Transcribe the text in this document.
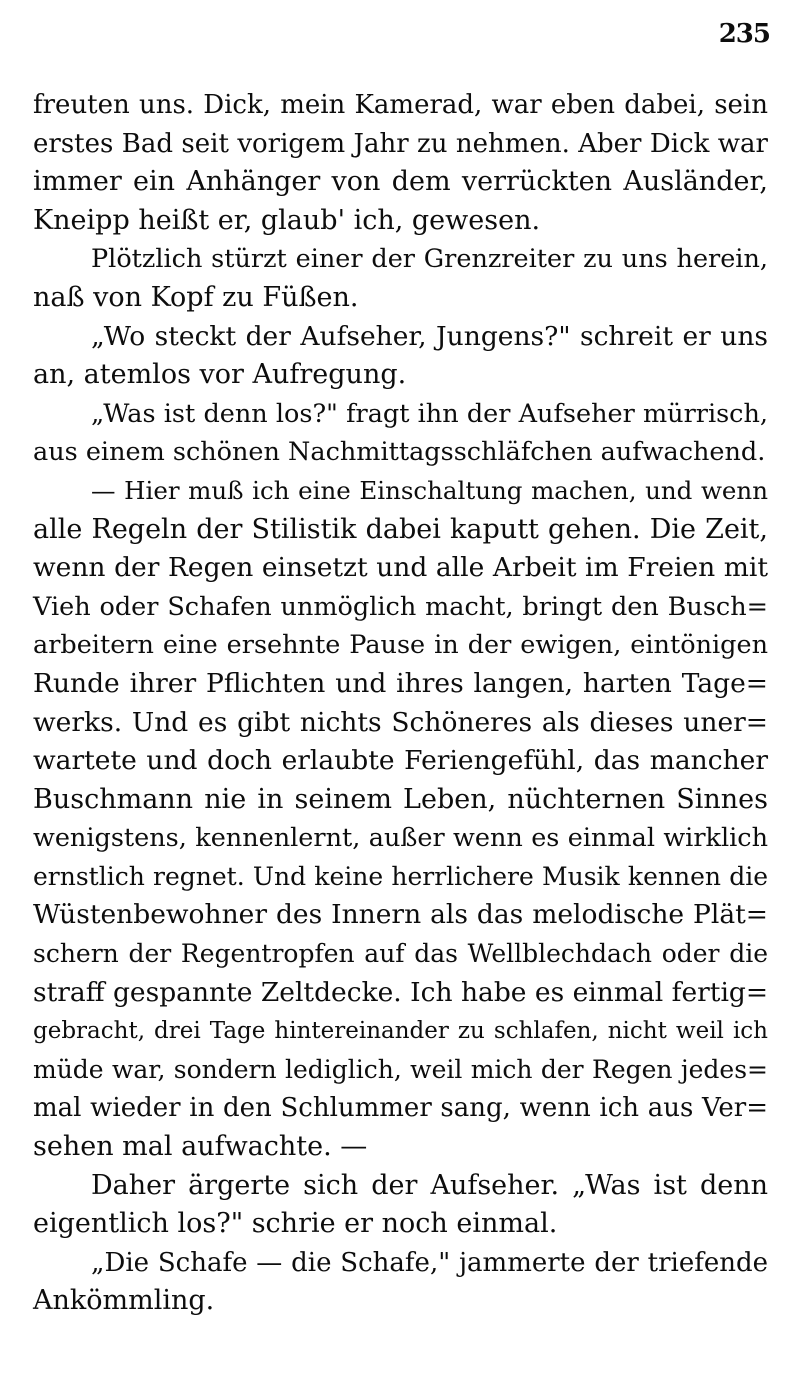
235
freuten uns. Dick, mein Kamerad, war eben dabei, sein
erstes Bad seit vorigem Jahr zu nehmen. Aber Dick war
immer ein Anhänger von dem verrückten Ausländer,
Kneipp heißt er, glaub' ich, gewesen.
Plötzlich stürzt einer der Grenzreiter zu uns herein,
naß von Kopf zu Füßen.
„Wo steckt der Aufseher, Jungens?" schreit er uns
an, atemlos vor Aufregung.
„Was ist denn los?" fragt ihn der Aufseher mürrisch,
aus einem schönen Nachmittagsschläfchen aufwachend.
— Hier muß ich eine Einschaltung machen, und wenn
alle Regeln der Stilistik dabei kaputt gehen. Die Zeit,
wenn der Regen einsetzt und alle Arbeit im Freien mit
Vieh oder Schafen unmöglich macht, bringt den Busch=
arbeitern eine ersehnte Pause in der ewigen, eintönigen
Runde ihrer Pflichten und ihres langen, harten Tage=
werks. Und es gibt nichts Schöneres als dieses uner=
wartete und doch erlaubte Feriengefühl, das mancher
Buschmann nie in seinem Leben, nüchternen Sinnes
wenigstens, kennenlernt, außer wenn es einmal wirklich
ernstlich regnet. Und keine herrlichere Musik kennen die
Wüstenbewohner des Innern als das melodische Plät=
schern der Regentropfen auf das Wellblechdach oder die
straff gespannte Zeltdecke. Ich habe es einmal fertig=
gebracht, drei Tage hintereinander zu schlafen, nicht weil ich
müde war, sondern lediglich, weil mich der Regen jedes=
mal wieder in den Schlummer sang, wenn ich aus Ver=
sehen mal aufwachte. —
Daher ärgerte sich der Aufseher. „Was ist denn
eigentlich los?" schrie er noch einmal.
„Die Schafe — die Schafe," jammerte der triefende
Ankömmling.
